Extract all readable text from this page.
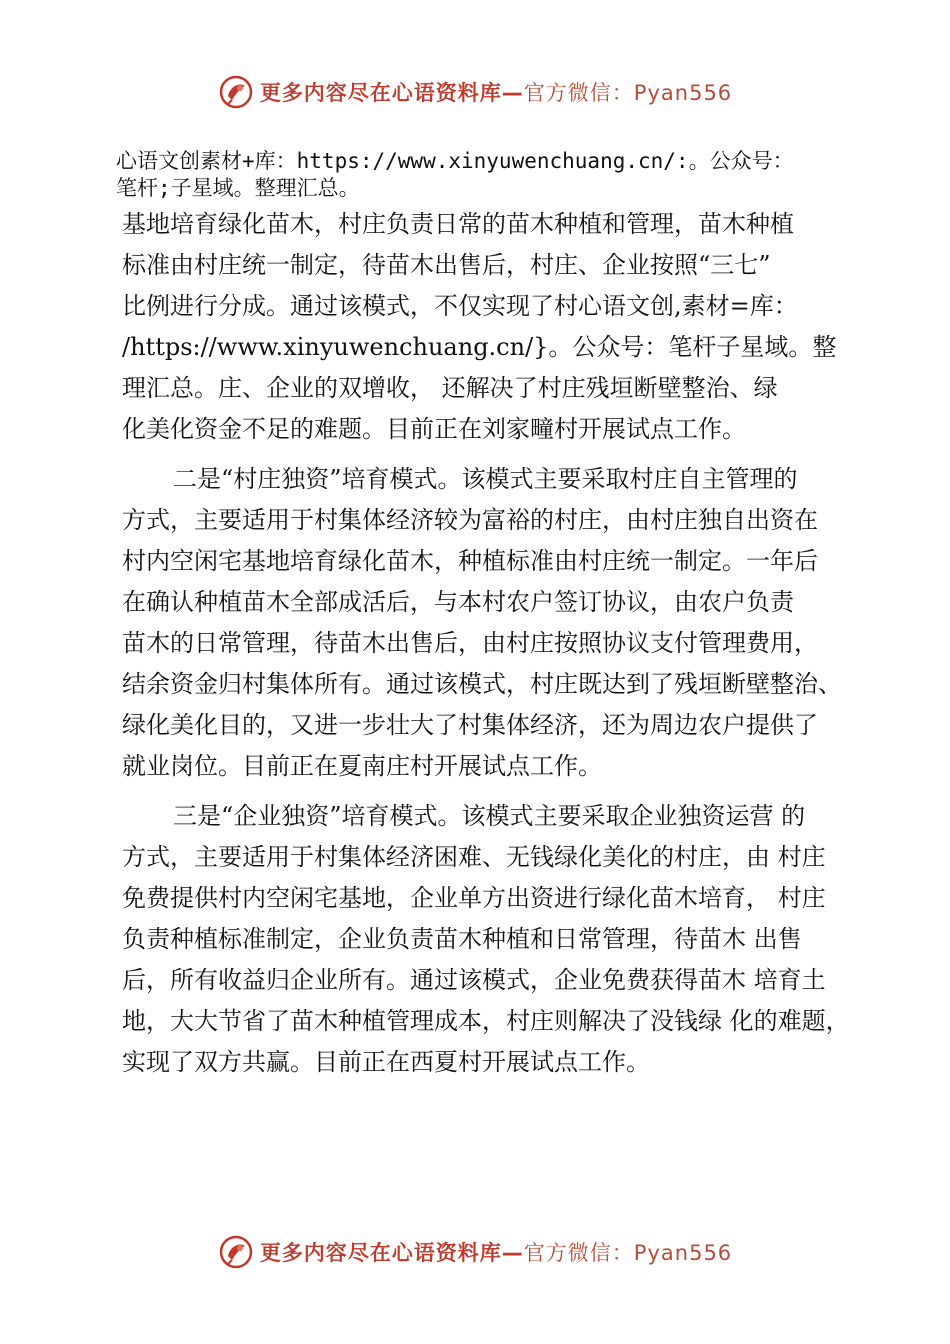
更多内容尽在心语资料库— 官方微信：Pyan556
心语文创素材+库：https://www.xinyuwenchuang.cn/:。公众号：
笔杆;子星域。整理汇总。
基地培育绿化苗木，村庄负责日常的苗木种植和管理，苗木种植
标准由村庄统一制定，待苗木出售后，村庄、企业按照“三七”
比例进行分成。通过该模式，不仅实现了村心语文创,素材=库：
/https://www.xinyuwenchuang.cn/}。公众号：笔杆子星域。整
理汇总。庄、企业的双增收， 还解决了村庄残垣断壁整治、绿
化美化资金不足的难题。目前正在刘家疃村开展试点工作。
二是“村庄独资”培育模式。该模式主要采取村庄自主管理的
方式，主要适用于村集体经济较为富裕的村庄，由村庄独自出资在
村内空闲宅基地培育绿化苗木，种植标准由村庄统一制定。一年后
在确认种植苗木全部成活后，与本村农户签订协议，由农户负责
苗木的日常管理，待苗木出售后，由村庄按照协议支付管理费用，
结余资金归村集体所有。通过该模式，村庄既达到了残垣断壁整治、
绿化美化目的，又进一步壮大了村集体经济，还为周边农户提供了
就业岗位。目前正在夏南庄村开展试点工作。
三是“企业独资”培育模式。该模式主要采取企业独资运营 的
方式，主要适用于村集体经济困难、无钱绿化美化的村庄，由 村庄
免费提供村内空闲宅基地，企业单方出资进行绿化苗木培育， 村庄
负责种植标准制定，企业负责苗木种植和日常管理，待苗木 出售
后，所有收益归企业所有。通过该模式，企业免费获得苗木 培育土
地，大大节省了苗木种植管理成本，村庄则解决了没钱绿 化的难题，
实现了双方共赢。目前正在西夏村开展试点工作。
更多内容尽在心语资料库— 官方微信：Pyan556
